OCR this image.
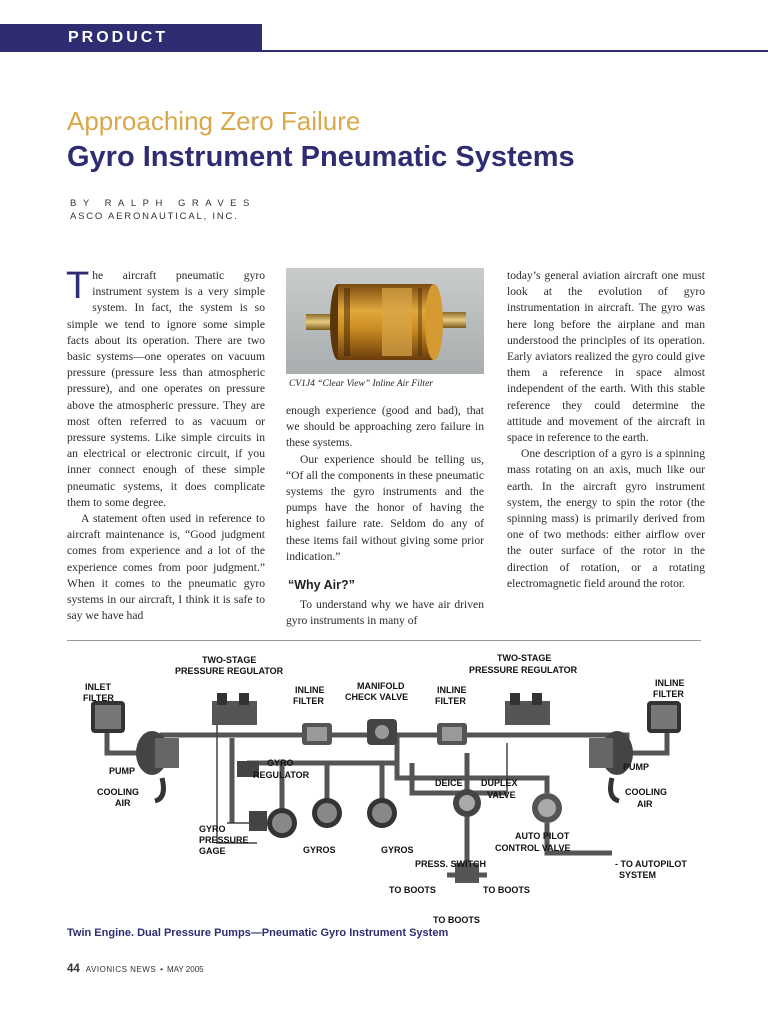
PRODUCT
Approaching Zero Failure
Gyro Instrument Pneumatic Systems
BY RALPH GRAVES
ASCO AERONAUTICAL, INC.

The aircraft pneumatic gyro instrument system is a very simple system. In fact, the system is so simple we tend to ignore some simple facts about its operation. There are two basic systems—one operates on vacuum pressure (pressure less than atmospheric pressure), and one operates on pressure above the atmospheric pressure. They are most often referred to as vacuum or pressure systems. Like simple circuits in an electrical or electronic circuit, if you inner connect enough of these simple pneumatic systems, it does complicate them to some degree.

A statement often used in reference to aircraft maintenance is, “Good judgment comes from experience and a lot of the experience comes from poor judgment.” When it comes to the pneumatic gyro systems in our aircraft, I think it is safe to say we have had

CV1J4 “Clear View” Inline Air Filter

enough experience (good and bad), that we should be approaching zero failure in these systems.

Our experience should be telling us, “Of all the components in these pneumatic systems the gyro instruments and the pumps have the honor of having the highest failure rate. Seldom do any of these items fail without giving some prior indication.”

“Why Air?”

To understand why we have air driven gyro instruments in many of

today’s general aviation aircraft one must look at the evolution of gyro instrumentation in aircraft. The gyro was here long before the airplane and man understood the principles of its operation. Early aviators realized the gyro could give them a reference in space almost independent of the earth. With this stable reference they could determine the attitude and movement of the aircraft in space in reference to the earth.

One description of a gyro is a spinning mass rotating on an axis, much like our earth. In the aircraft gyro instrument system, the energy to spin the rotor (the spinning mass) is primarily derived from one of two methods: either airflow over the outer surface of the rotor in the direction of rotation, or a rotating electromagnetic field around the rotor.

TWO-STAGE
PRESSURE REGULATOR
TWO-STAGE
PRESSURE REGULATOR
INLET
FILTER
INLINE
FILTER
INLINE
FILTER
MANIFOLD
CHECK VALVE
INLINE
FILTER
PUMP	PUMP
COOLING
AIR
COOLING
AIR
GYRO
REGULATOR
DEICE DUPLEX
VALVE
GYRO
PRESSURE
GAGE	GYROS	GYROS
AUTO PILOT
CONTROL VALVE
PRESS. SWITCH	- TO AUTOPILOT
SYSTEM
TO BOOTS	TO BOOTS
TO BOOTS
Twin Engine. Dual Pressure Pumps—Pneumatic Gyro Instrument System
44 AVIONICS NEWS • MAY 2005
